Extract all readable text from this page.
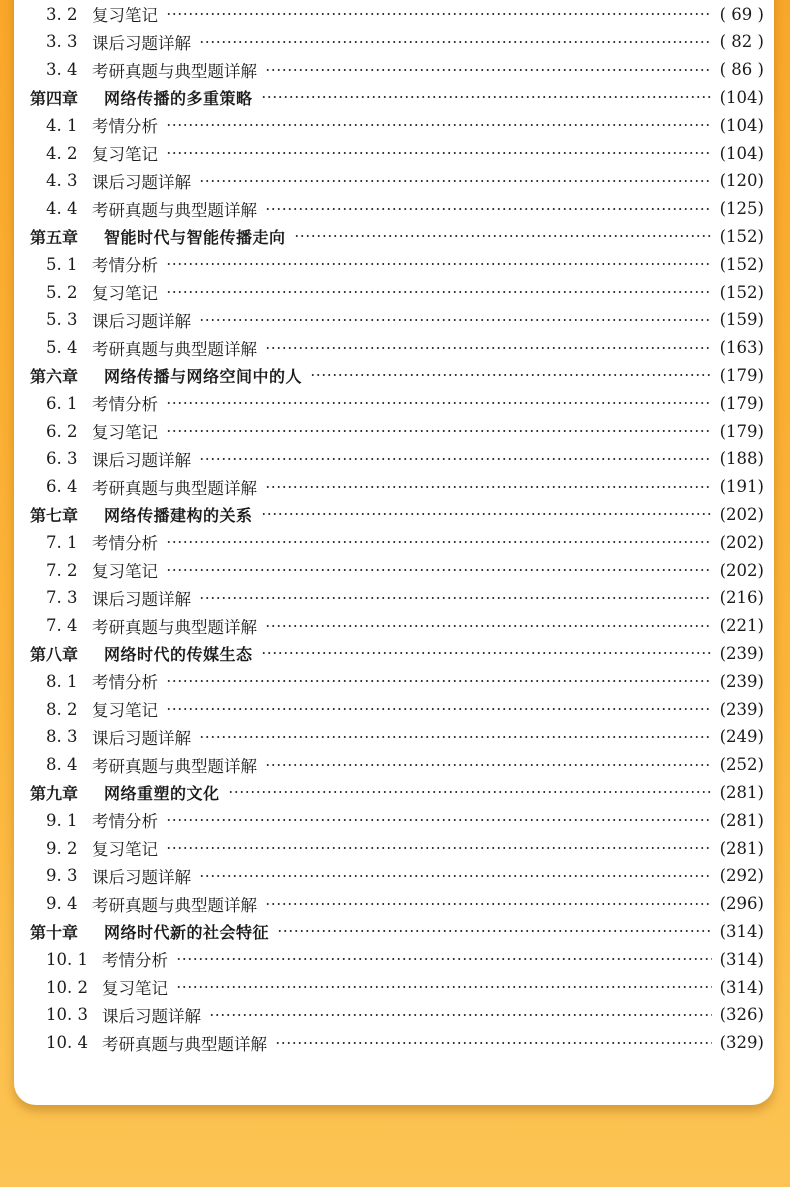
3. 2 复习笔记	( 69 )
3. 3 课后习题详解	( 82 )
3. 4 考研真题与典型题详解	( 86 )
第四章 网络传播的多重策略	(104)
4. 1 考情分析	(104)
4. 2 复习笔记	(104)
4. 3 课后习题详解	(120)
4. 4 考研真题与典型题详解	(125)
第五章 智能时代与智能传播走向	(152)
5. 1 考情分析	(152)
5. 2 复习笔记	(152)
5. 3 课后习题详解	(159)
5. 4 考研真题与典型题详解	(163)
第六章 网络传播与网络空间中的人	(179)
6. 1 考情分析	(179)
6. 2 复习笔记	(179)
6. 3 课后习题详解	(188)
6. 4 考研真题与典型题详解	(191)
第七章 网络传播建构的关系	(202)
7. 1 考情分析	(202)
7. 2 复习笔记	(202)
7. 3 课后习题详解	(216)
7. 4 考研真题与典型题详解	(221)
第八章 网络时代的传媒生态	(239)
8. 1 考情分析	(239)
8. 2 复习笔记	(239)
8. 3 课后习题详解	(249)
8. 4 考研真题与典型题详解	(252)
第九章 网络重塑的文化	(281)
9. 1 考情分析	(281)
9. 2 复习笔记	(281)
9. 3 课后习题详解	(292)
9. 4 考研真题与典型题详解	(296)
第十章 网络时代新的社会特征	(314)
10. 1 考情分析	(314)
10. 2 复习笔记	(314)
10. 3 课后习题详解	(326)
10. 4 考研真题与典型题详解	(329)
